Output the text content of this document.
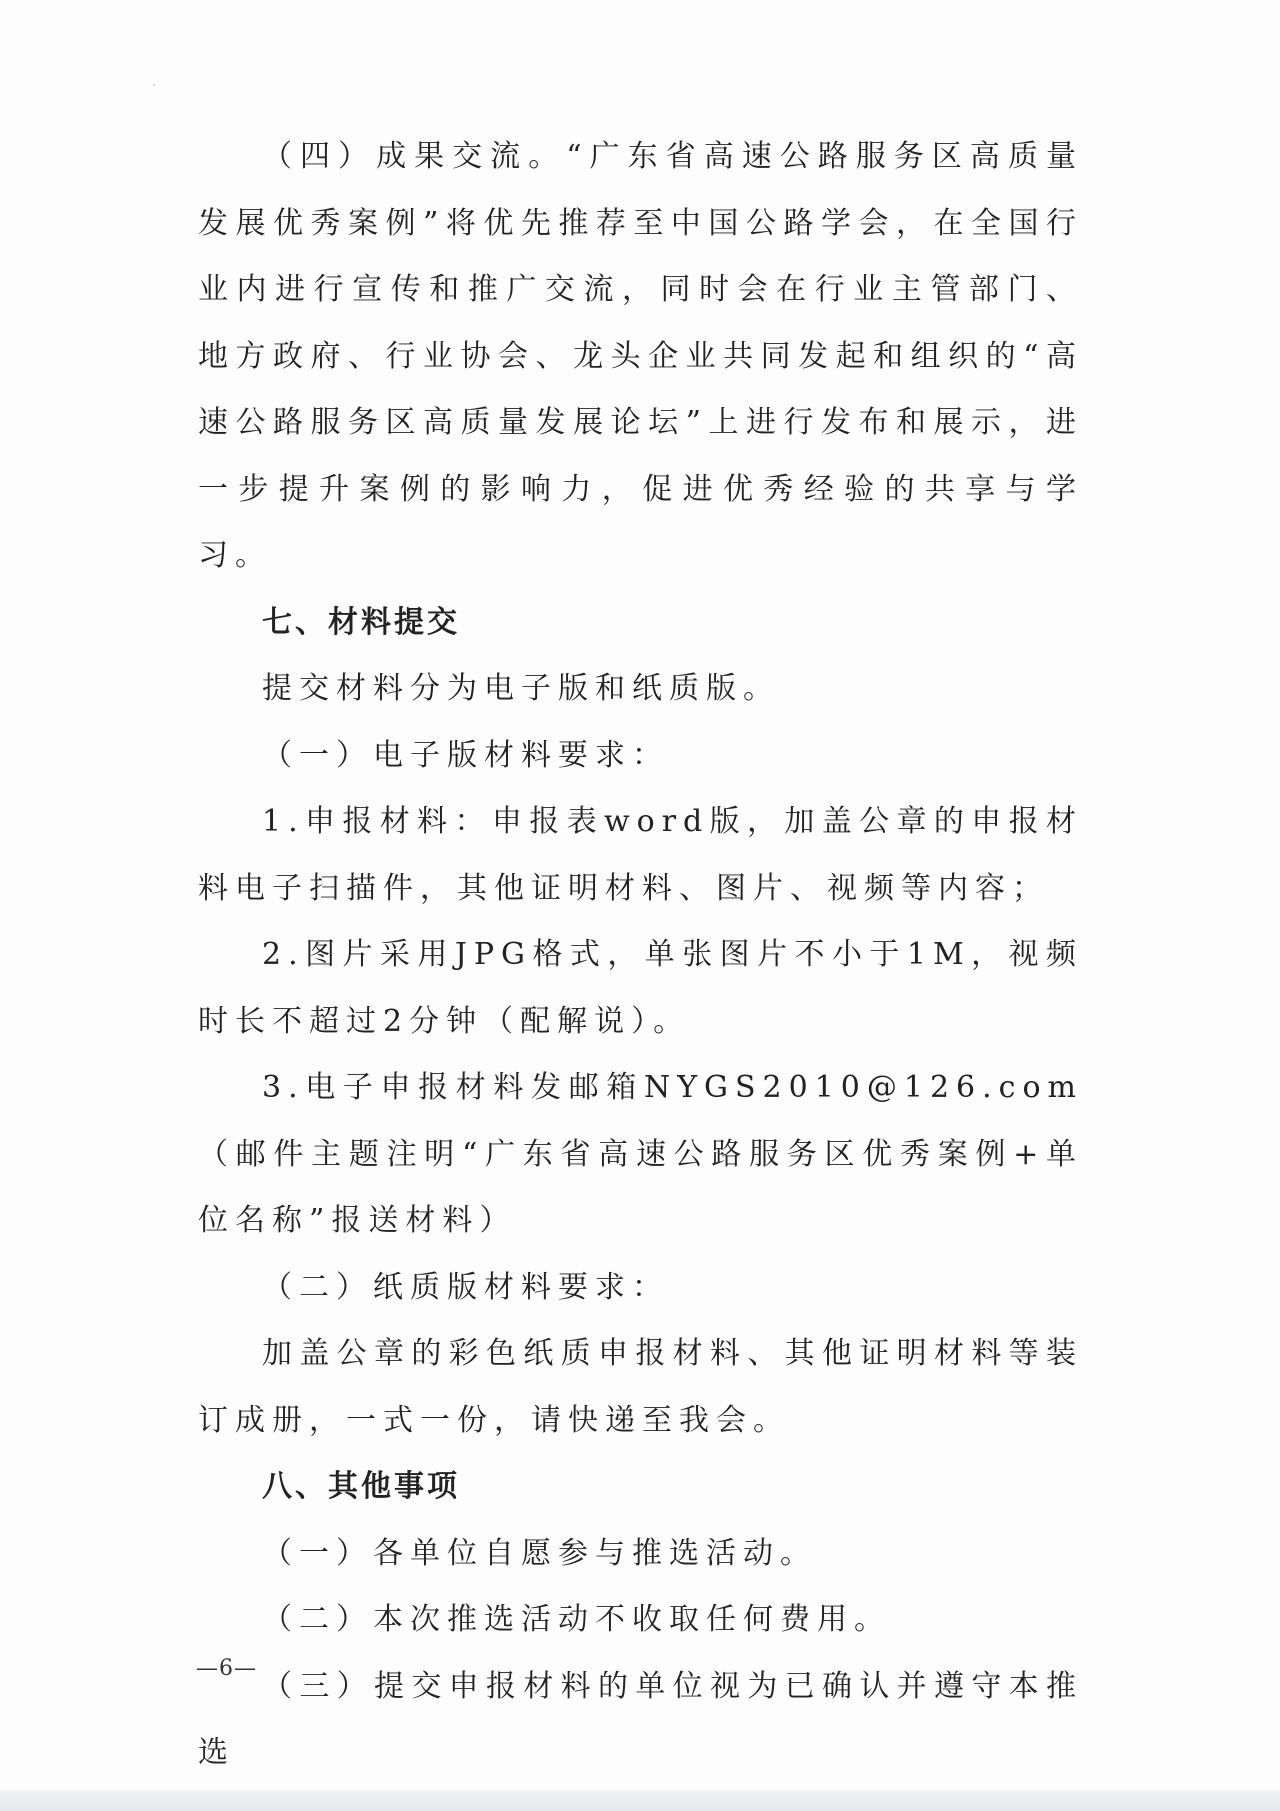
（四）成果交流。“广东省高速公路服务区高质量发展优秀案例”将优先推荐至中国公路学会，在全国行业内进行宣传和推广交流，同时会在行业主管部门、地方政府、行业协会、龙头企业共同发起和组织的“高速公路服务区高质量发展论坛”上进行发布和展示，进一步提升案例的影响力，促进优秀经验的共享与学习。

七、材料提交

提交材料分为电子版和纸质版。

（一）电子版材料要求：

1.申报材料：申报表word版，加盖公章的申报材料电子扫描件，其他证明材料、图片、视频等内容；

2.图片采用JPG格式，单张图片不小于1M，视频时长不超过2分钟（配解说）。

3.电子申报材料发邮箱NYGS2010@126.com（邮件主题注明“广东省高速公路服务区优秀案例+单位名称”报送材料）

（二）纸质版材料要求：

加盖公章的彩色纸质申报材料、其他证明材料等装订成册，一式一份，请快递至我会。

八、其他事项

（一）各单位自愿参与推选活动。

（二）本次推选活动不收取任何费用。

（三）提交申报材料的单位视为已确认并遵守本推选

—6—
